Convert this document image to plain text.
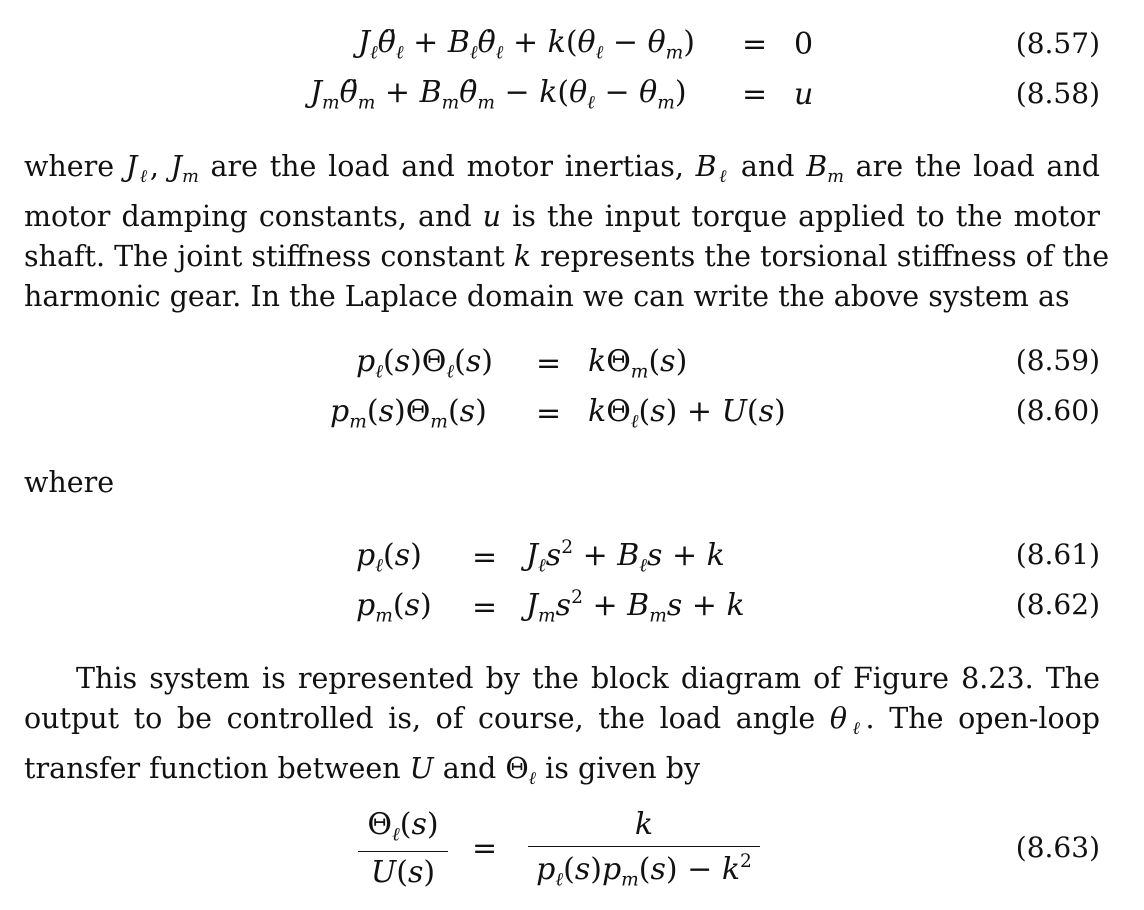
$J_\ell\thetä_\ell$ + $B_\ell\thetȧ_\ell + k(\theta_\ell - \theta_m) = 0$	(8.57)
$J_m\thetä_m$ + $B_m\thetȧ_m - k(\theta_\ell - \theta_m) = u$	(8.58)
where $J_\ell$, $J_m$ are the load and motor inertias, $B_\ell$ and $B_m$ are the load and
motor damping constants, and u is the input torque applied to the motor
shaft. The joint stiffness constant k represents the torsional stiffness of the
harmonic gear. In the Laplace domain we can write the above system as
$p_\ell(s)\Theta_\ell(s) = k\Theta_m(s)$	(8.59)
$p_m(s)\Theta_m(s) = k\Theta_\ell(s) + U(s)$	(8.60)
where
$p_\ell(s) = J_\ell s^2 + B_\ell s + k$	(8.61)
$p_m(s) = J_ms^2 + B_ms + k$	(8.62)
This system is represented by the block diagram of Figure 8.23. The
output to be controlled is, of course, the load angle $\theta_\ell$. The open-loop
transfer function between U and $\Theta_\ell$ is given by
$\Theta_\ell(s)$
U(s)
=
k
$p_\ell(s)p_m(s) - k^2$	(8.63)
